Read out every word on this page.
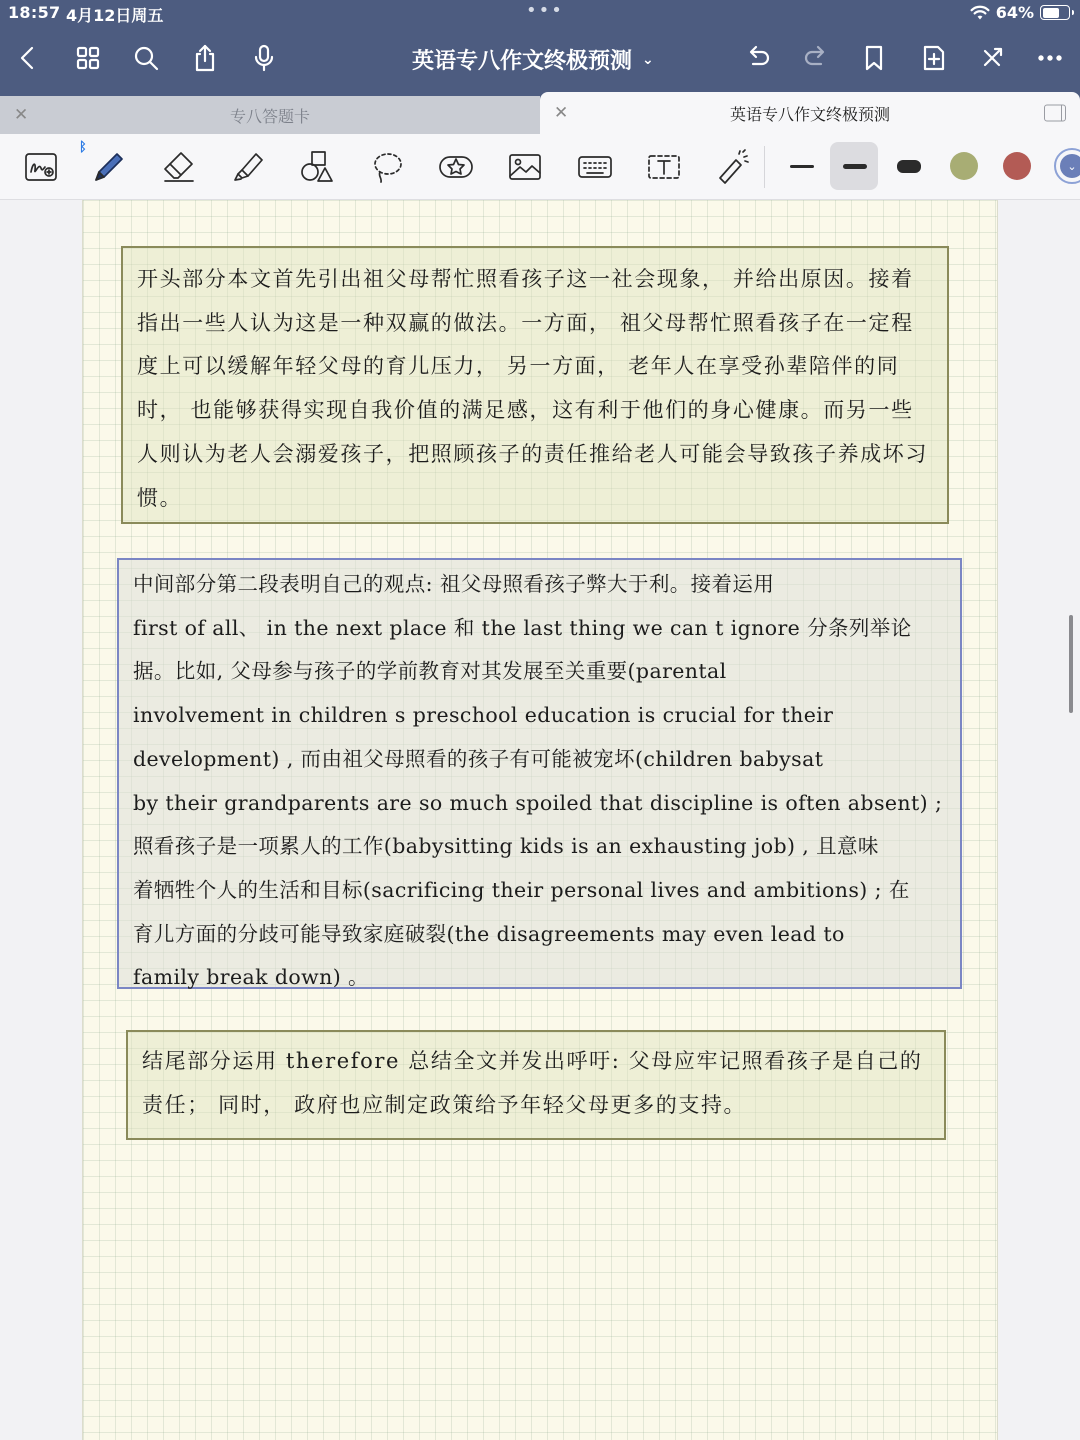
18:57 4月12日周五	•••	64%
英语专八作文终极预测 ⌄
✕	专八答题卡	✕	英语专八作文终极预测
ᛒ
⌄

开头部分本文首先引出祖父母帮忙照看孩子这一社会现象， 并给出原因。接着指出一些人认为这是一种双赢的做法。一方面， 祖父母帮忙照看孩子在一定程度上可以缓解年轻父母的育儿压力， 另一方面， 老年人在享受孙辈陪伴的同时， 也能够获得实现自我价值的满足感，这有利于他们的身心健康。而另一些人则认为老人会溺爱孩子，把照顾孩子的责任推给老人可能会导致孩子养成坏习惯。

中间部分第二段表明自己的观点: 祖父母照看孩子弊大于利。接着运用
first of all、 in the next place 和 the last thing we can t ignore 分条列举论
据。比如, 父母参与孩子的学前教育对其发展至关重要(parental
involvement in children s preschool education is crucial for their
development) , 而由祖父母照看的孩子有可能被宠坏(children babysat
by their grandparents are so much spoiled that discipline is often absent) ;
照看孩子是一项累人的工作(babysitting kids is an exhausting job) , 且意味
着牺牲个人的生活和目标(sacrificing their personal lives and ambitions) ; 在
育儿方面的分歧可能导致家庭破裂(the disagreements may even lead to
family break down) 。

结尾部分运用 therefore 总结全文并发出呼吁: 父母应牢记照看孩子是自己的责任； 同时， 政府也应制定政策给予年轻父母更多的支持。
